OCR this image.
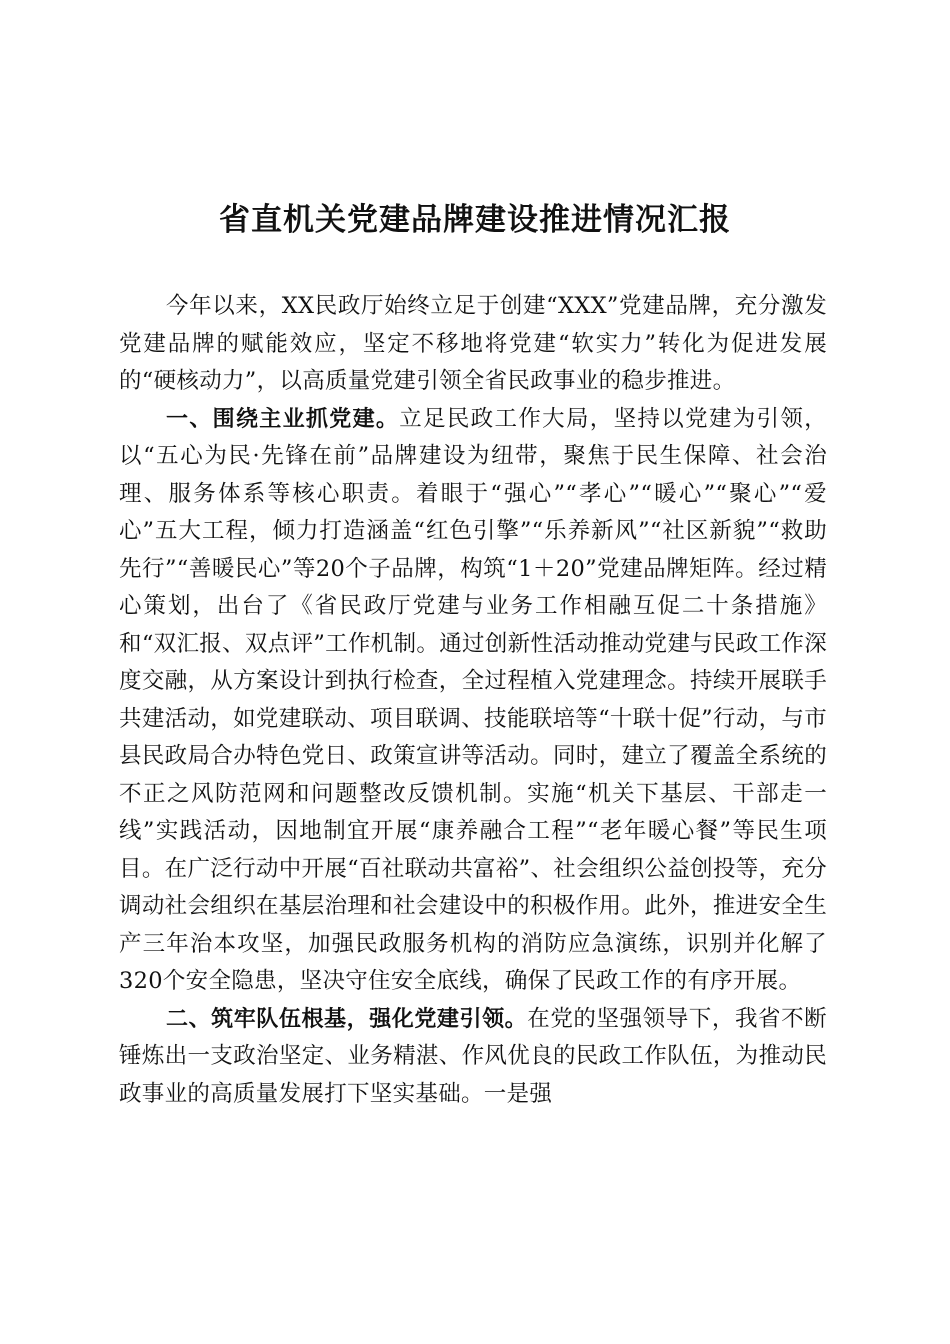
省直机关党建品牌建设推进情况汇报

今年以来，XX民政厅始终立足于创建“XXX”党建品牌，充分激发党建品牌的赋能效应，坚定不移地将党建“软实力”转化为促进发展的“硬核动力”，以高质量党建引领全省民政事业的稳步推进。

一、围绕主业抓党建。立足民政工作大局，坚持以党建为引领，以“五心为民·先锋在前”品牌建设为纽带，聚焦于民生保障、社会治理、服务体系等核心职责。着眼于“强心”“孝心”“暖心”“聚心”“爱心”五大工程，倾力打造涵盖“红色引擎”“乐养新风”“社区新貌”“救助先行”“善暖民心”等20个子品牌，构筑“1＋20”党建品牌矩阵。经过精心策划，出台了《省民政厅党建与业务工作相融互促二十条措施》和“双汇报、双点评”工作机制。通过创新性活动推动党建与民政工作深度交融，从方案设计到执行检查，全过程植入党建理念。持续开展联手共建活动，如党建联动、项目联调、技能联培等“十联十促”行动，与市县民政局合办特色党日、政策宣讲等活动。同时，建立了覆盖全系统的不正之风防范网和问题整改反馈机制。实施“机关下基层、干部走一线”实践活动，因地制宜开展“康养融合工程”“老年暖心餐”等民生项目。在广泛行动中开展“百社联动共富裕”、社会组织公益创投等，充分调动社会组织在基层治理和社会建设中的积极作用。此外，推进安全生产三年治本攻坚，加强民政服务机构的消防应急演练，识别并化解了320个安全隐患，坚决守住安全底线，确保了民政工作的有序开展。

二、筑牢队伍根基，强化党建引领。在党的坚强领导下，我省不断锤炼出一支政治坚定、业务精湛、作风优良的民政工作队伍，为推动民政事业的高质量发展打下坚实基础。一是强
